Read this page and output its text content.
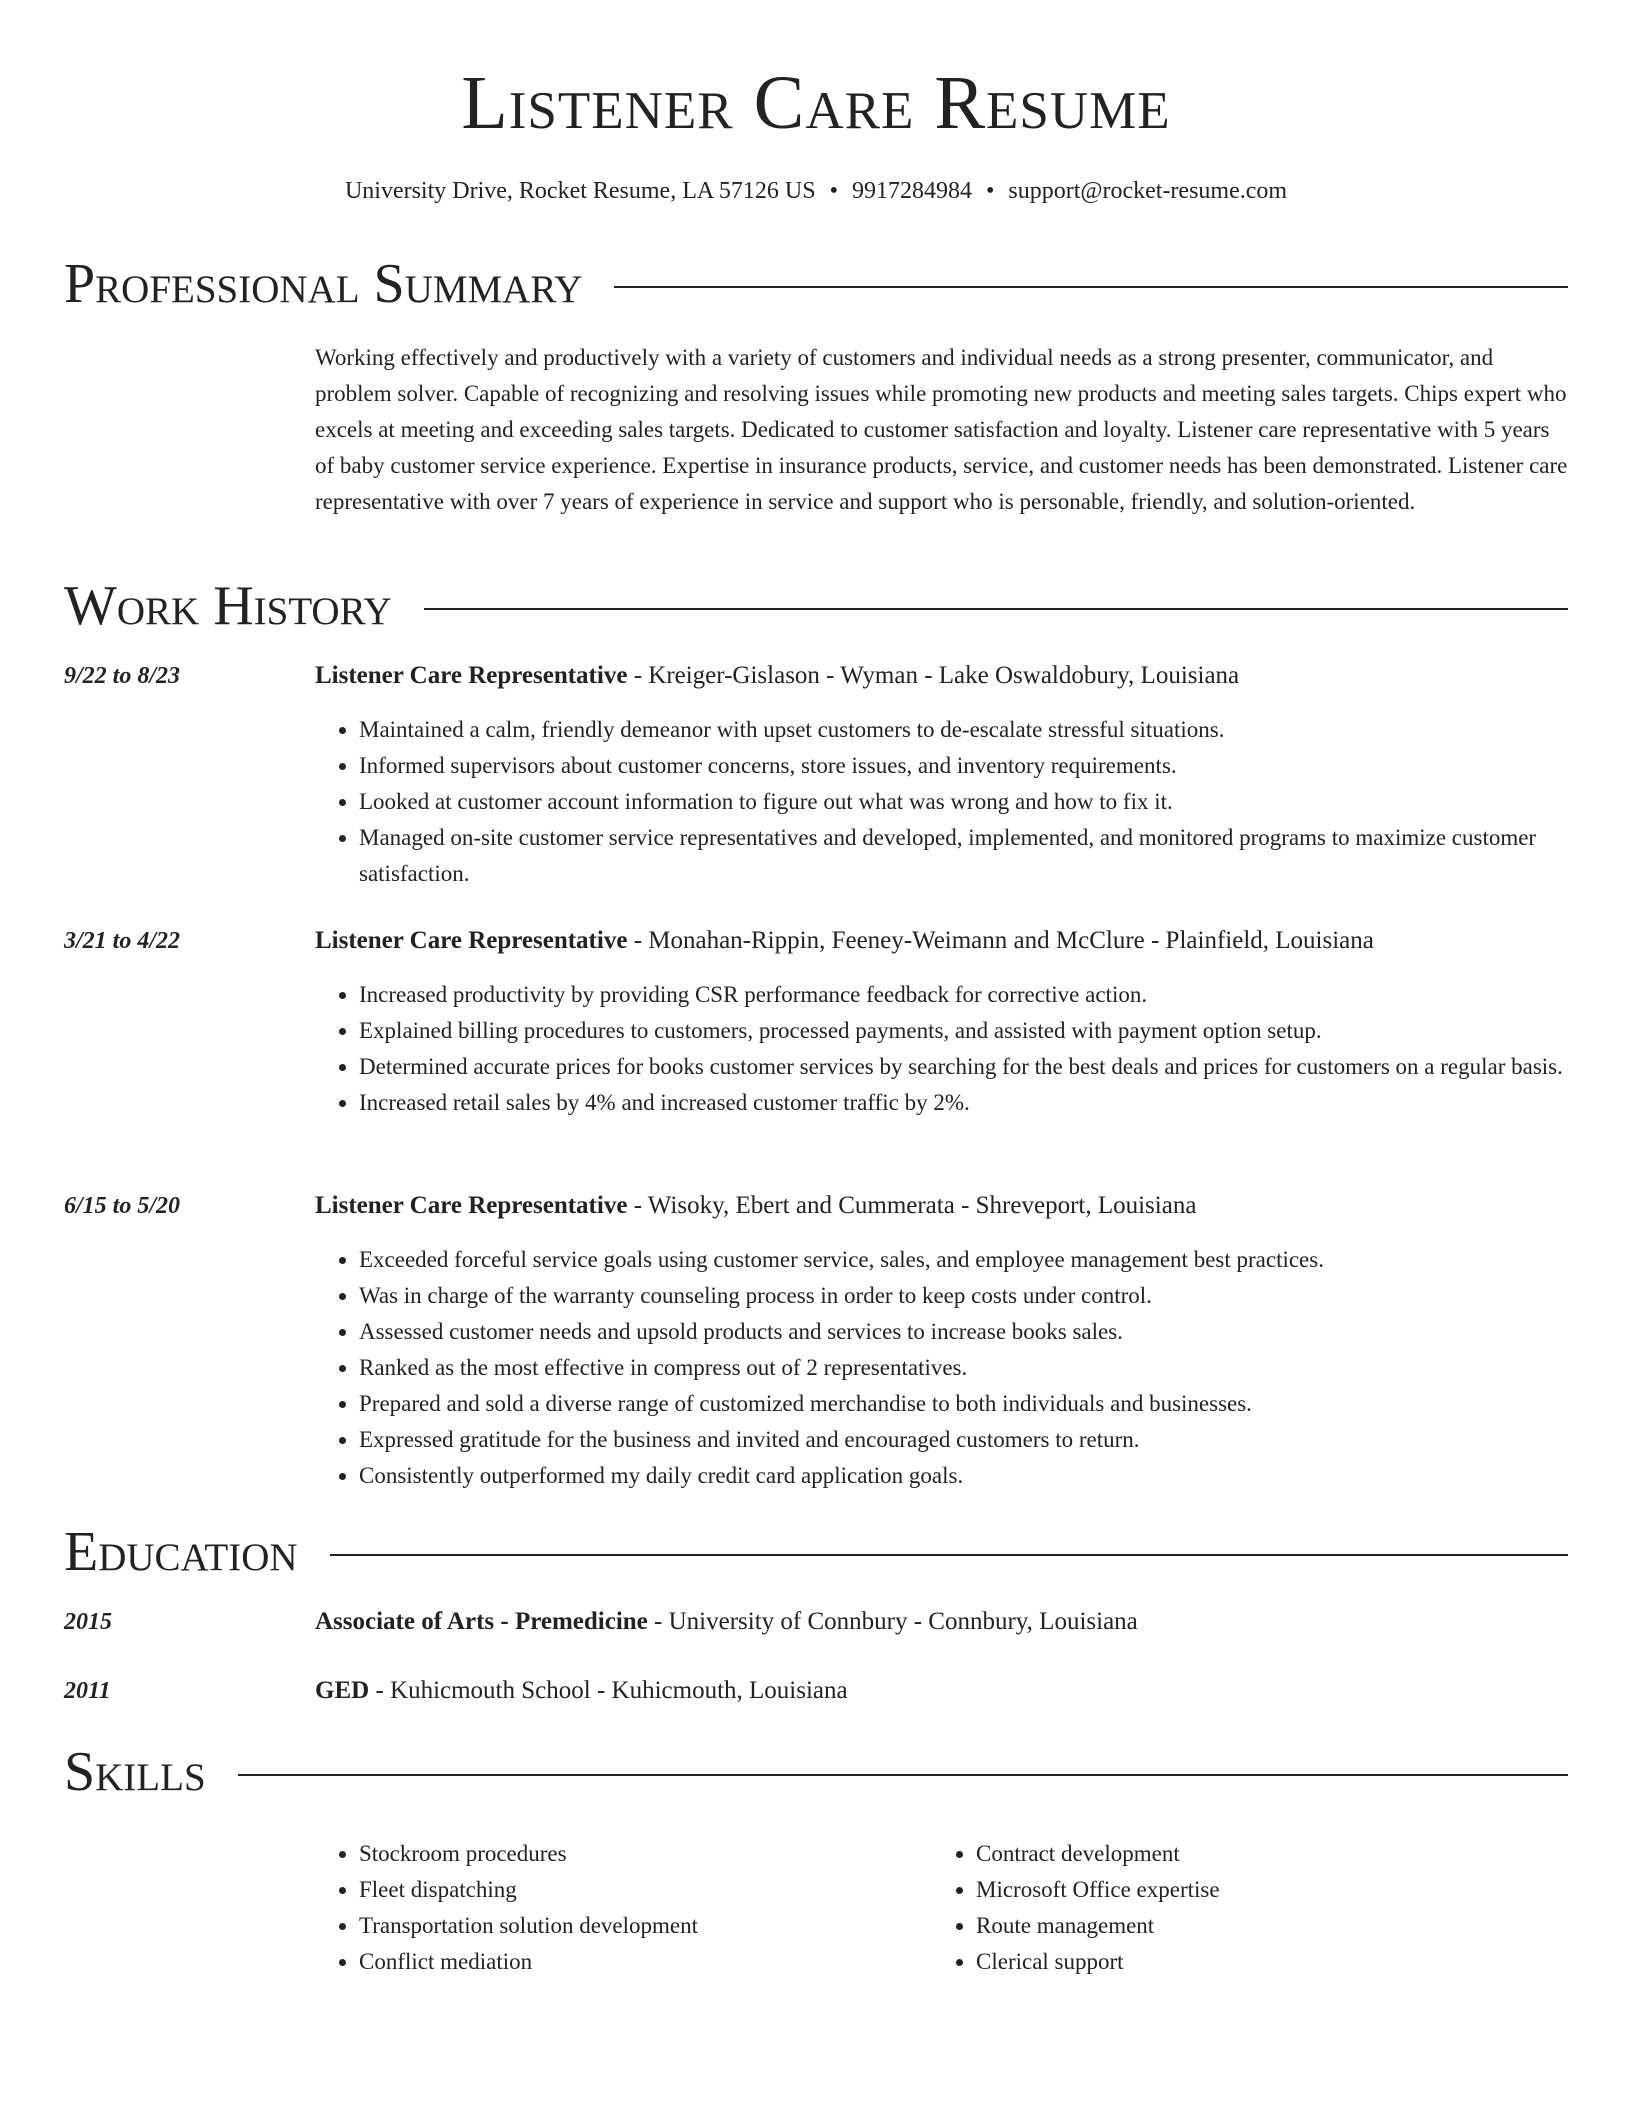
Listener Care Resume
University Drive, Rocket Resume, LA 57126 US • 9917284984 • support@rocket-resume.com
Professional Summary

Working effectively and productively with a variety of customers and individual needs as a strong presenter, communicator, and problem solver. Capable of recognizing and resolving issues while promoting new products and meeting sales targets. Chips expert who excels at meeting and exceeding sales targets. Dedicated to customer satisfaction and loyalty. Listener care representative with 5 years of baby customer service experience. Expertise in insurance products, service, and customer needs has been demonstrated. Listener care representative with over 7 years of experience in service and support who is personable, friendly, and solution-oriented.

Work History
9/22 to 8/23	Listener Care Representative - Kreiger-Gislason - Wyman - Lake Oswaldobury, Louisiana
• Maintained a calm, friendly demeanor with upset customers to de-escalate stressful situations.
• Informed supervisors about customer concerns, store issues, and inventory requirements.
• Looked at customer account information to figure out what was wrong and how to fix it.
• Managed on-site customer service representatives and developed, implemented, and monitored programs to maximize customer satisfaction.
3/21 to 4/22	Listener Care Representative - Monahan-Rippin, Feeney-Weimann and McClure - Plainfield, Louisiana
• Increased productivity by providing CSR performance feedback for corrective action.
• Explained billing procedures to customers, processed payments, and assisted with payment option setup.
• Determined accurate prices for books customer services by searching for the best deals and prices for customers on a regular basis.
• Increased retail sales by 4% and increased customer traffic by 2%.
6/15 to 5/20	Listener Care Representative - Wisoky, Ebert and Cummerata - Shreveport, Louisiana
• Exceeded forceful service goals using customer service, sales, and employee management best practices.
• Was in charge of the warranty counseling process in order to keep costs under control.
• Assessed customer needs and upsold products and services to increase books sales.
• Ranked as the most effective in compress out of 2 representatives.
• Prepared and sold a diverse range of customized merchandise to both individuals and businesses.
• Expressed gratitude for the business and invited and encouraged customers to return.
• Consistently outperformed my daily credit card application goals.
Education
2015	Associate of Arts - Premedicine - University of Connbury - Connbury, Louisiana
2011	GED - Kuhicmouth School - Kuhicmouth, Louisiana
Skills
• Stockroom procedures
• Fleet dispatching
• Transportation solution development
• Conflict mediation
• Contract development
• Microsoft Office expertise
• Route management
• Clerical support
